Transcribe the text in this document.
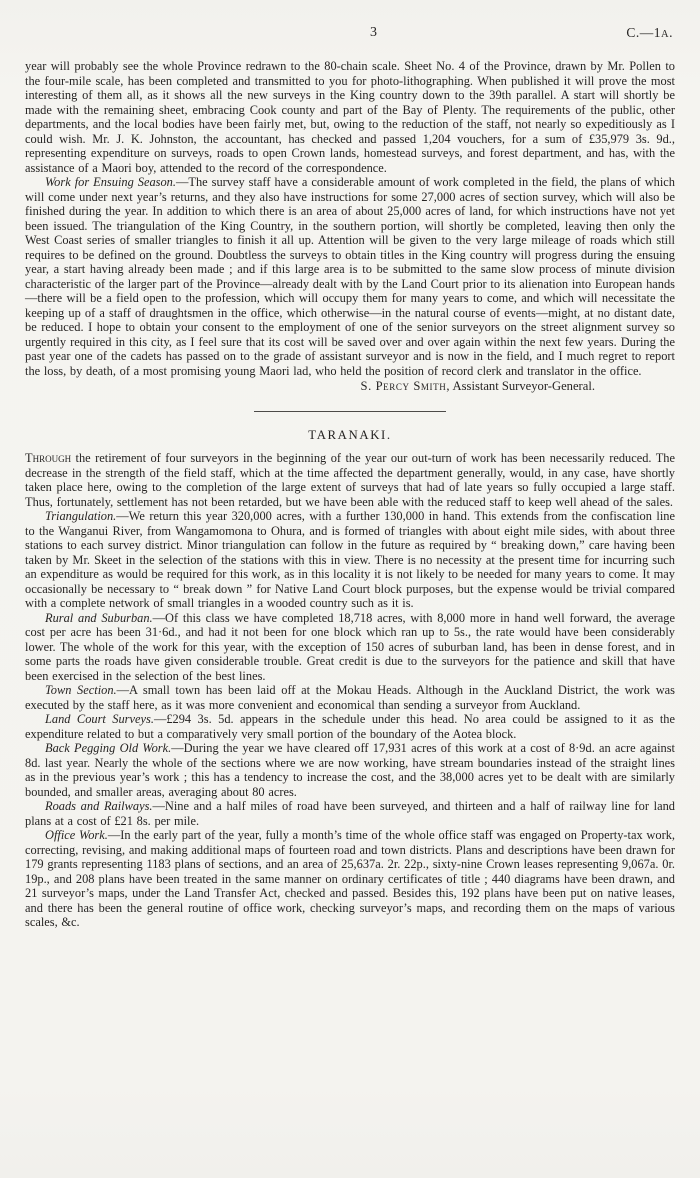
3	C.—1A.

year will probably see the whole Province redrawn to the 80-chain scale. Sheet No. 4 of the Province, drawn by Mr. Pollen to the four-mile scale, has been completed and transmitted to you for photo-lithographing. When published it will prove the most interesting of them all, as it shows all the new surveys in the King country down to the 39th parallel. A start will shortly be made with the remaining sheet, embracing Cook county and part of the Bay of Plenty. The requirements of the public, other departments, and the local bodies have been fairly met, but, owing to the reduction of the staff, not nearly so expeditiously as I could wish. Mr. J. K. Johnston, the accountant, has checked and passed 1,204 vouchers, for a sum of £35,979 3s. 9d., representing expenditure on surveys, roads to open Crown lands, homestead surveys, and forest department, and has, with the assistance of a Maori boy, attended to the record of the correspondence.

Work for Ensuing Season.—The survey staff have a considerable amount of work completed in the field, the plans of which will come under next year’s returns, and they also have instructions for some 27,000 acres of section survey, which will also be finished during the year. In addition to which there is an area of about 25,000 acres of land, for which instructions have not yet been issued. The triangulation of the King Country, in the southern portion, will shortly be completed, leaving then only the West Coast series of smaller triangles to finish it all up. Attention will be given to the very large mileage of roads which still requires to be defined on the ground. Doubtless the surveys to obtain titles in the King country will progress during the ensuing year, a start having already been made ; and if this large area is to be submitted to the same slow process of minute division characteristic of the larger part of the Province—already dealt with by the Land Court prior to its alienation into European hands—there will be a field open to the profession, which will occupy them for many years to come, and which will necessitate the keeping up of a staff of draughtsmen in the office, which otherwise—in the natural course of events—might, at no distant date, be reduced. I hope to obtain your consent to the employment of one of the senior surveyors on the street alignment survey so urgently required in this city, as I feel sure that its cost will be saved over and over again within the next few years. During the past year one of the cadets has passed on to the grade of assistant surveyor and is now in the field, and I much regret to report the loss, by death, of a most promising young Maori lad, who held the position of record clerk and translator in the office.

S. Percy Smith, Assistant Surveyor-General.
TARANAKI.

Through the retirement of four surveyors in the beginning of the year our out-turn of work has been necessarily reduced. The decrease in the strength of the field staff, which at the time affected the department generally, would, in any case, have shortly taken place here, owing to the completion of the large extent of surveys that had of late years so fully occupied a large staff. Thus, fortunately, settlement has not been retarded, but we have been able with the reduced staff to keep well ahead of the sales.

Triangulation.—We return this year 320,000 acres, with a further 130,000 in hand. This extends from the confiscation line to the Wanganui River, from Wangamomona to Ohura, and is formed of triangles with about eight mile sides, with about three stations to each survey district. Minor triangulation can follow in the future as required by “ breaking down,” care having been taken by Mr. Skeet in the selection of the stations with this in view. There is no necessity at the present time for incurring such an expenditure as would be required for this work, as in this locality it is not likely to be needed for many years to come. It may occasionally be necessary to “ break down ” for Native Land Court block purposes, but the expense would be trivial compared with a complete network of small triangles in a wooded country such as it is.

Rural and Suburban.—Of this class we have completed 18,718 acres, with 8,000 more in hand well forward, the average cost per acre has been 31·6d., and had it not been for one block which ran up to 5s., the rate would have been considerably lower. The whole of the work for this year, with the exception of 150 acres of suburban land, has been in dense forest, and in some parts the roads have given considerable trouble. Great credit is due to the surveyors for the patience and skill that have been exercised in the selection of the best lines.

Town Section.—A small town has been laid off at the Mokau Heads. Although in the Auckland District, the work was executed by the staff here, as it was more convenient and economical than sending a surveyor from Auckland.

Land Court Surveys.—£294 3s. 5d. appears in the schedule under this head. No area could be assigned to it as the expenditure related to but a comparatively very small portion of the boundary of the Aotea block.

Back Pegging Old Work.—During the year we have cleared off 17,931 acres of this work at a cost of 8·9d. an acre against 8d. last year. Nearly the whole of the sections where we are now working, have stream boundaries instead of the straight lines as in the previous year’s work ; this has a tendency to increase the cost, and the 38,000 acres yet to be dealt with are similarly bounded, and smaller areas, averaging about 80 acres.

Roads and Railways.—Nine and a half miles of road have been surveyed, and thirteen and a half of railway line for land plans at a cost of £21 8s. per mile.

Office Work.—In the early part of the year, fully a month’s time of the whole office staff was engaged on Property-tax work, correcting, revising, and making additional maps of fourteen road and town districts. Plans and descriptions have been drawn for 179 grants representing 1183 plans of sections, and an area of 25,637a. 2r. 22p., sixty-nine Crown leases representing 9,067a. 0r. 19p., and 208 plans have been treated in the same manner on ordinary certificates of title ; 440 diagrams have been drawn, and 21 surveyor’s maps, under the Land Transfer Act, checked and passed. Besides this, 192 plans have been put on native leases, and there has been the general routine of office work, checking surveyor’s maps, and recording them on the maps of various scales, &c.
